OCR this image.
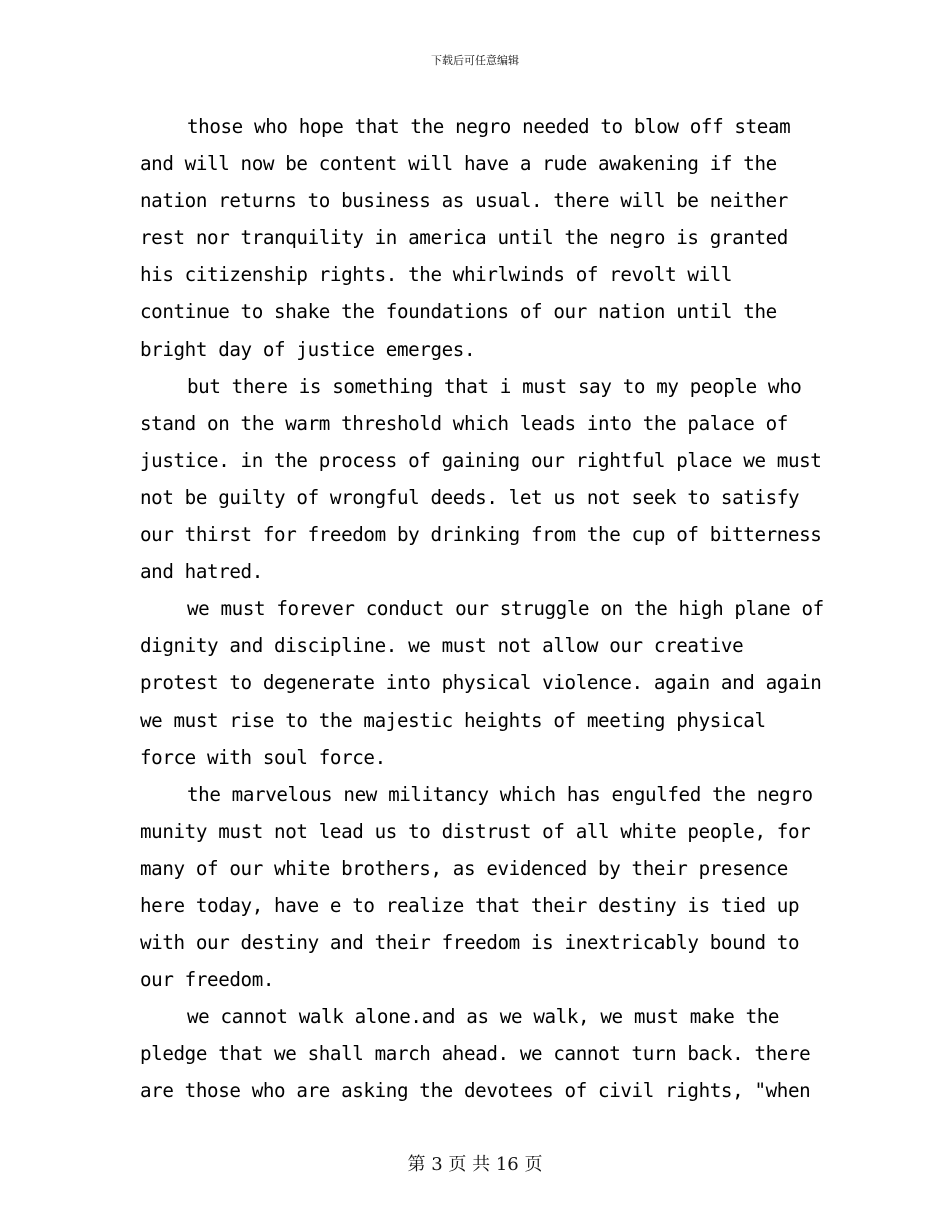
下载后可任意编辑
those who hope that the negro needed to blow off steam
and will now be content will have a rude awakening if the
nation returns to business as usual. there will be neither
rest nor tranquility in america until the negro is granted
his citizenship rights. the whirlwinds of revolt will
continue to shake the foundations of our nation until the
bright day of justice emerges.
but there is something that i must say to my people who
stand on the warm threshold which leads into the palace of
justice. in the process of gaining our rightful place we must
not be guilty of wrongful deeds. let us not seek to satisfy
our thirst for freedom by drinking from the cup of bitterness
and hatred.
we must forever conduct our struggle on the high plane of
dignity and discipline. we must not allow our creative
protest to degenerate into physical violence. again and again
we must rise to the majestic heights of meeting physical
force with soul force.
the marvelous new militancy which has engulfed the negro
munity must not lead us to distrust of all white people, for
many of our white brothers, as evidenced by their presence
here today, have e to realize that their destiny is tied up
with our destiny and their freedom is inextricably bound to
our freedom.
we cannot walk alone.and as we walk, we must make the
pledge that we shall march ahead. we cannot turn back. there
are those who are asking the devotees of civil rights, "when
第 3 页 共 16 页
